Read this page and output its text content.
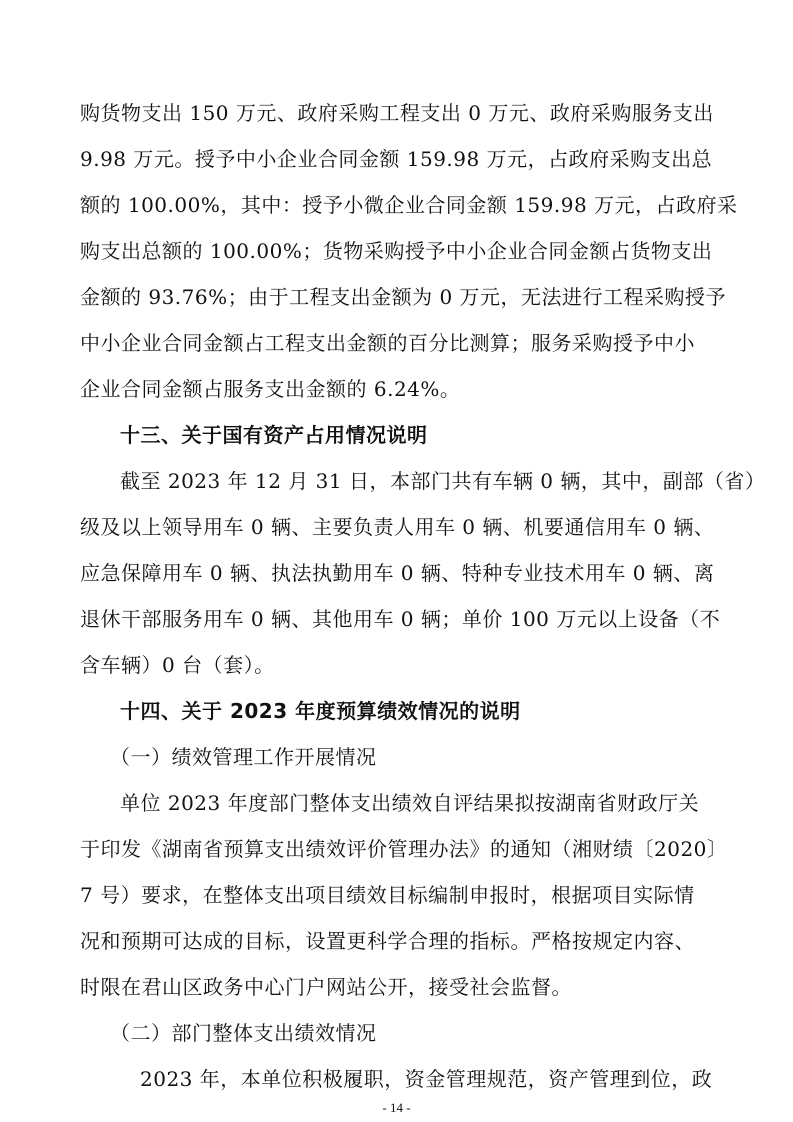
购货物支出 150 万元、政府采购工程支出 0 万元、政府采购服务支出
9.98 万元。授予中小企业合同金额 159.98 万元，占政府采购支出总
额的 100.00%，其中：授予小微企业合同金额 159.98 万元，占政府采
购支出总额的 100.00%；货物采购授予中小企业合同金额占货物支出
金额的 93.76%；由于工程支出金额为 0 万元，无法进行工程采购授予
中小企业合同金额占工程支出金额的百分比测算；服务采购授予中小
企业合同金额占服务支出金额的 6.24%。
十三、关于国有资产占用情况说明
截至 2023 年 12 月 31 日，本部门共有车辆 0 辆，其中，副部（省）
级及以上领导用车 0 辆、主要负责人用车 0 辆、机要通信用车 0 辆、
应急保障用车 0 辆、执法执勤用车 0 辆、特种专业技术用车 0 辆、离
退休干部服务用车 0 辆、其他用车 0 辆；单价 100 万元以上设备（不
含车辆）0 台（套）。
十四、关于 2023 年度预算绩效情况的说明
（一）绩效管理工作开展情况
单位 2023 年度部门整体支出绩效自评结果拟按湖南省财政厅关
于印发《湖南省预算支出绩效评价管理办法》的通知（湘财绩〔2020〕
7 号）要求，在整体支出项目绩效目标编制申报时，根据项目实际情
况和预期可达成的目标，设置更科学合理的指标。严格按规定内容、
时限在君山区政务中心门户网站公开，接受社会监督。
（二）部门整体支出绩效情况
2023 年，本单位积极履职，资金管理规范，资产管理到位，政
- 14 -
